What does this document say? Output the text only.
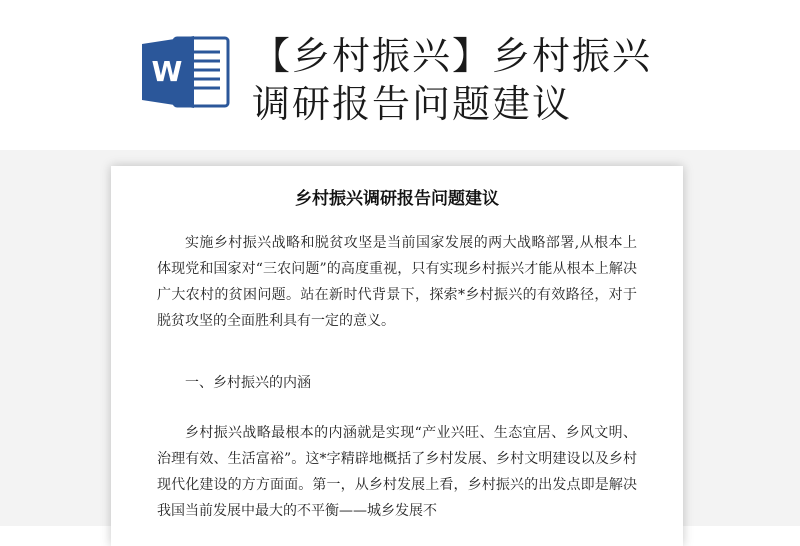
W 【乡村振兴】乡村振兴调研报告问题建议
乡村振兴调研报告问题建议

实施乡村振兴战略和脱贫攻坚是当前国家发展的两大战略部署,从根本上体现党和国家对“三农问题”的高度重视，只有实现乡村振兴才能从根本上解决广大农村的贫困问题。站在新时代背景下，探索*乡村振兴的有效路径，对于脱贫攻坚的全面胜利具有一定的意义。

一、乡村振兴的内涵

乡村振兴战略最根本的内涵就是实现“产业兴旺、生态宜居、乡风文明、治理有效、生活富裕”。这*字精辟地概括了乡村发展、乡村文明建设以及乡村现代化建设的方方面面。第一，从乡村发展上看，乡村振兴的出发点即是解决我国当前发展中最大的不平衡——城乡发展不
